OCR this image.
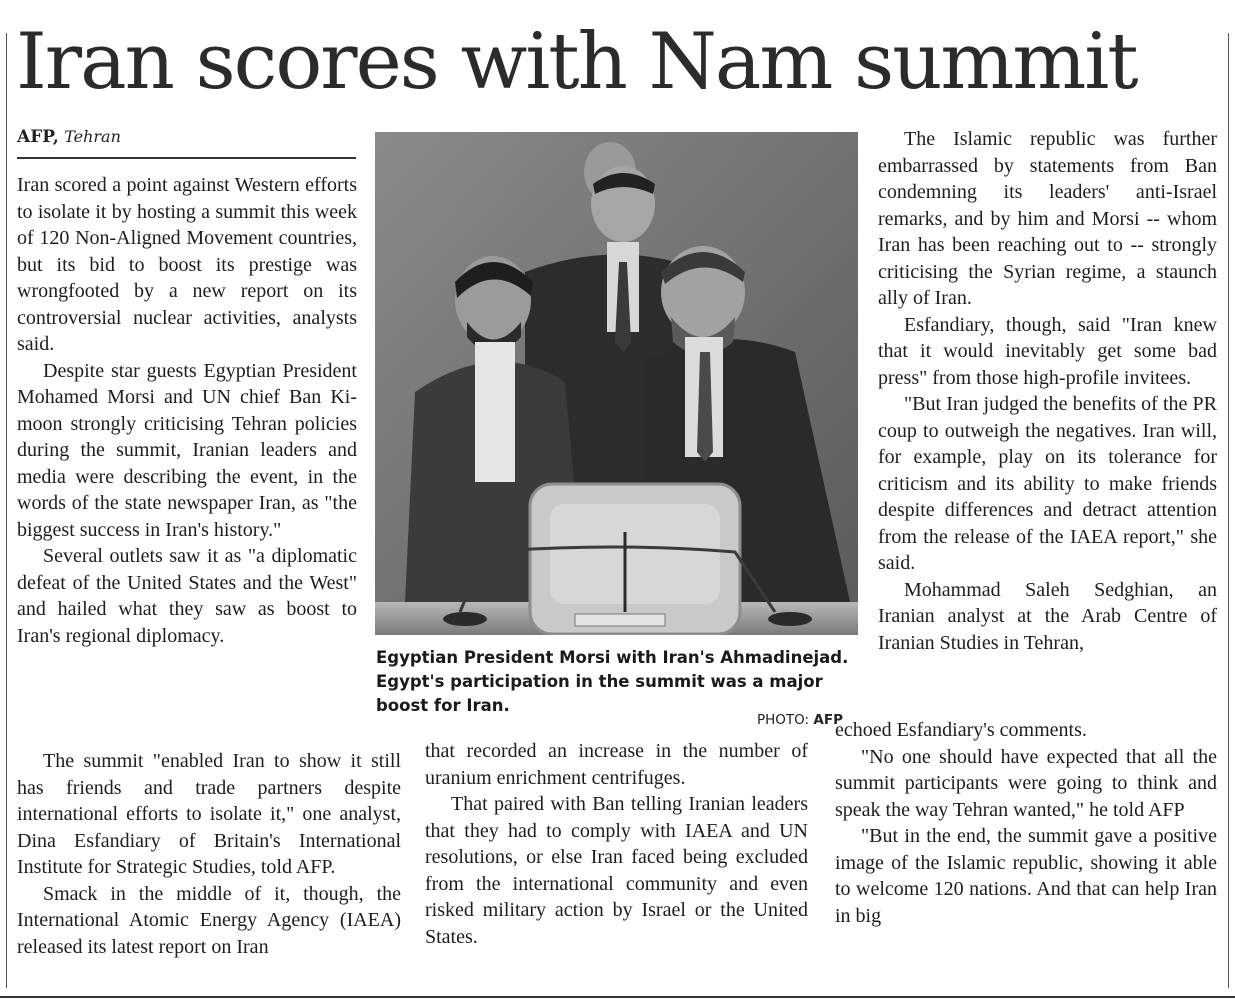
Iran scores with Nam summit
AFP, Tehran

Iran scored a point against Western efforts to isolate it by hosting a summit this week of 120 Non-Aligned Movement countries, but its bid to boost its prestige was wrongfooted by a new report on its controversial nuclear activities, analysts said.

Despite star guests Egyptian President Mohamed Morsi and UN chief Ban Ki-moon strongly criticising Tehran policies during the summit, Iranian leaders and media were describing the event, in the words of the state newspaper Iran, as "the biggest success in Iran's history."

Several outlets saw it as "a diplomatic defeat of the United States and the West" and hailed what they saw as boost to Iran's regional diplomacy.

The summit "enabled Iran to show it still has friends and trade partners despite international efforts to isolate it," one analyst, Dina Esfandiary of Britain's International Institute for Strategic Studies, told AFP.

Smack in the middle of it, though, the International Atomic Energy Agency (IAEA) released its latest report on Iran

Egyptian President Morsi with Iran's Ahmadinejad. Egypt's participation in the summit was a major boost for Iran.
PHOTO: AFP

that recorded an increase in the number of uranium enrichment centrifuges.

That paired with Ban telling Iranian leaders that they had to comply with IAEA and UN resolutions, or else Iran faced being excluded from the international community and even risked military action by Israel or the United States.

The Islamic republic was further embarrassed by statements from Ban condemning its leaders' anti-Israel remarks, and by him and Morsi -- whom Iran has been reaching out to -- strongly criticising the Syrian regime, a staunch ally of Iran.

Esfandiary, though, said "Iran knew that it would inevitably get some bad press" from those high-profile invitees.

"But Iran judged the benefits of the PR coup to outweigh the negatives. Iran will, for example, play on its tolerance for criticism and its ability to make friends despite differences and detract attention from the release of the IAEA report," she said.

Mohammad Saleh Sedghian, an Iranian analyst at the Arab Centre of Iranian Studies in Tehran,

echoed Esfandiary's comments.

"No one should have expected that all the summit participants were going to think and speak the way Tehran wanted," he told AFP

"But in the end, the summit gave a positive image of the Islamic republic, showing it able to welcome 120 nations. And that can help Iran in big
